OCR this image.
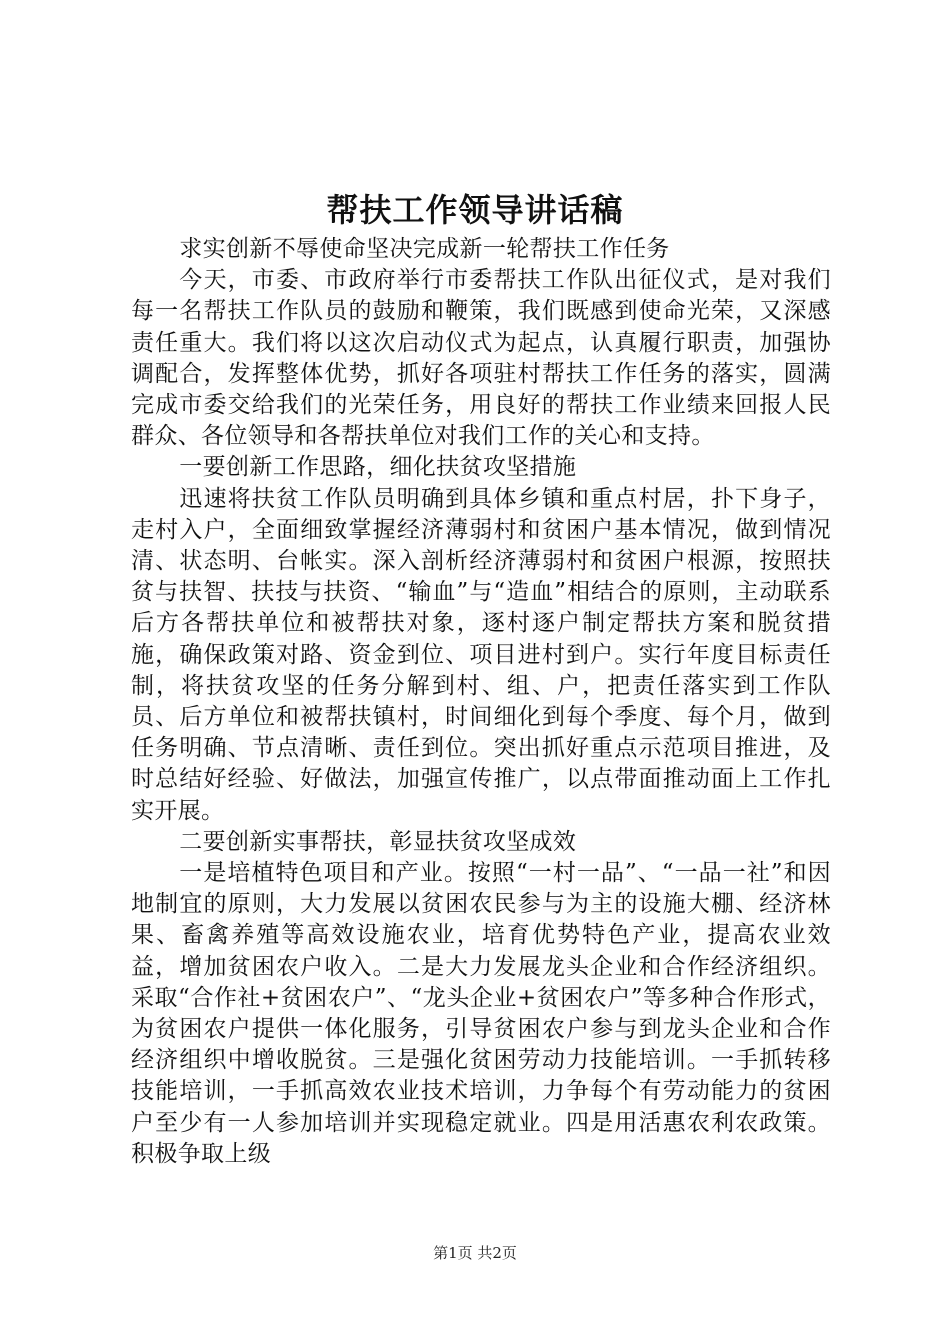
帮扶工作领导讲话稿

求实创新不辱使命坚决完成新一轮帮扶工作任务

今天，市委、市政府举行市委帮扶工作队出征仪式，是对我们每一名帮扶工作队员的鼓励和鞭策，我们既感到使命光荣，又深感责任重大。我们将以这次启动仪式为起点，认真履行职责，加强协调配合，发挥整体优势，抓好各项驻村帮扶工作任务的落实，圆满完成市委交给我们的光荣任务，用良好的帮扶工作业绩来回报人民群众、各位领导和各帮扶单位对我们工作的关心和支持。

一要创新工作思路，细化扶贫攻坚措施

迅速将扶贫工作队员明确到具体乡镇和重点村居，扑下身子，走村入户，全面细致掌握经济薄弱村和贫困户基本情况，做到情况清、状态明、台帐实。深入剖析经济薄弱村和贫困户根源，按照扶贫与扶智、扶技与扶资、“输血”与“造血”相结合的原则，主动联系后方各帮扶单位和被帮扶对象，逐村逐户制定帮扶方案和脱贫措施，确保政策对路、资金到位、项目进村到户。实行年度目标责任制，将扶贫攻坚的任务分解到村、组、户，把责任落实到工作队员、后方单位和被帮扶镇村，时间细化到每个季度、每个月，做到任务明确、节点清晰、责任到位。突出抓好重点示范项目推进，及时总结好经验、好做法，加强宣传推广，以点带面推动面上工作扎实开展。

二要创新实事帮扶，彰显扶贫攻坚成效

一是培植特色项目和产业。按照“一村一品”、“一品一社”和因地制宜的原则，大力发展以贫困农民参与为主的设施大棚、经济林果、畜禽养殖等高效设施农业，培育优势特色产业，提高农业效益，增加贫困农户收入。二是大力发展龙头企业和合作经济组织。采取“合作社+贫困农户”、“龙头企业+贫困农户”等多种合作形式，为贫困农户提供一体化服务，引导贫困农户参与到龙头企业和合作经济组织中增收脱贫。三是强化贫困劳动力技能培训。一手抓转移技能培训，一手抓高效农业技术培训，力争每个有劳动能力的贫困户至少有一人参加培训并实现稳定就业。四是用活惠农利农政策。积极争取上级

第1页 共2页
